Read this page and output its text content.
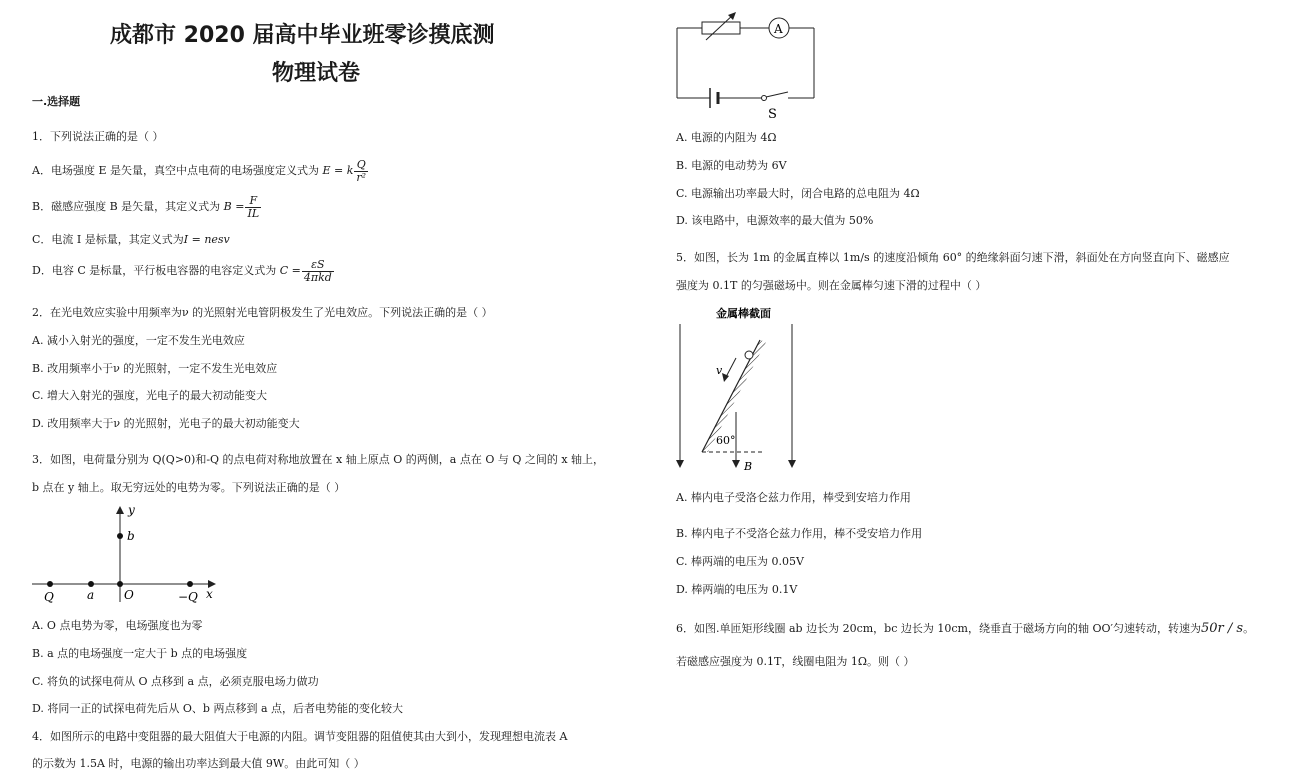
成都市 2020 届高中毕业班零诊摸底测
物理试卷
一.选择题
1．下列说法正确的是（ ）
A．电场强度 E 是矢量，真空中点电荷的电场强度定义式为 E = k $\frac{Q}{\text{r²}}$
B．磁感应强度 B 是矢量，其定义式为 $B = \frac{F}{IL}$
C．电流 I 是标量，其定义式为I = nesv
D．电容 C 是标量，平行板电容器的电容定义式为 $C = \frac{\varepsilon S}{\text{4πkd}}$
2．在光电效应实验中用频率为ν 的光照射光电管阴极发生了光电效应。下列说法正确的是（ ）
A. 减小入射光的强度，一定不发生光电效应
B. 改用频率小于ν 的光照射，一定不发生光电效应
C. 增大入射光的强度，光电子的最大初动能变大
D. 改用频率大于ν 的光照射，光电子的最大初动能变大
3．如图，电荷量分别为 Q(Q>0)和-Q 的点电荷对称地放置在 x 轴上原点 O 的两侧，a 点在 O 与 Q 之间的 x 轴上，
b 点在 y 轴上。取无穷远处的电势为零。下列说法正确的是（ ）
y
b
Q	a O	−Q x
A. O 点电势为零，电场强度也为零
B. a 点的电场强度一定大于 b 点的电场强度
C. 将负的试探电荷从 O 点移到 a 点，必须克服电场力做功
D. 将同一正的试探电荷先后从 O、b 两点移到 a 点，后者电势能的变化较大
4．如图所示的电路中变阻器的最大阻值大于电源的内阻。调节变阻器的阻值使其由大到小，发现理想电流表 A
的示数为 1.5A 时，电源的输出功率达到最大值 9W。由此可知（ ）
A
S
A. 电源的内阻为 4Ω
B. 电源的电动势为 6V
C. 电源输出功率最大时，闭合电路的总电阻为 4Ω
D. 该电路中，电源效率的最大值为 50%
5．如图，长为 1m 的金属直棒以 1m/s 的速度沿倾角 60° 的绝缘斜面匀速下滑，斜面处在方向竖直向下、磁感应
强度为 0.1T 的匀强磁场中。则在金属棒匀速下滑的过程中（ ）
金属棒截面
v
60°
B
A. 棒内电子受洛仑兹力作用，棒受到安培力作用
B. 棒内电子不受洛仑兹力作用，棒不受安培力作用
C. 棒两端的电压为 0.05V
D. 棒两端的电压为 0.1V
6．如图.单匝矩形线圈 ab 边长为 20cm，bc 边长为 10cm，绕垂直于磁场方向的轴 OO′匀速转动，转速为50r / s。
若磁感应强度为 0.1T，线圈电阻为 1Ω。则（ ）
